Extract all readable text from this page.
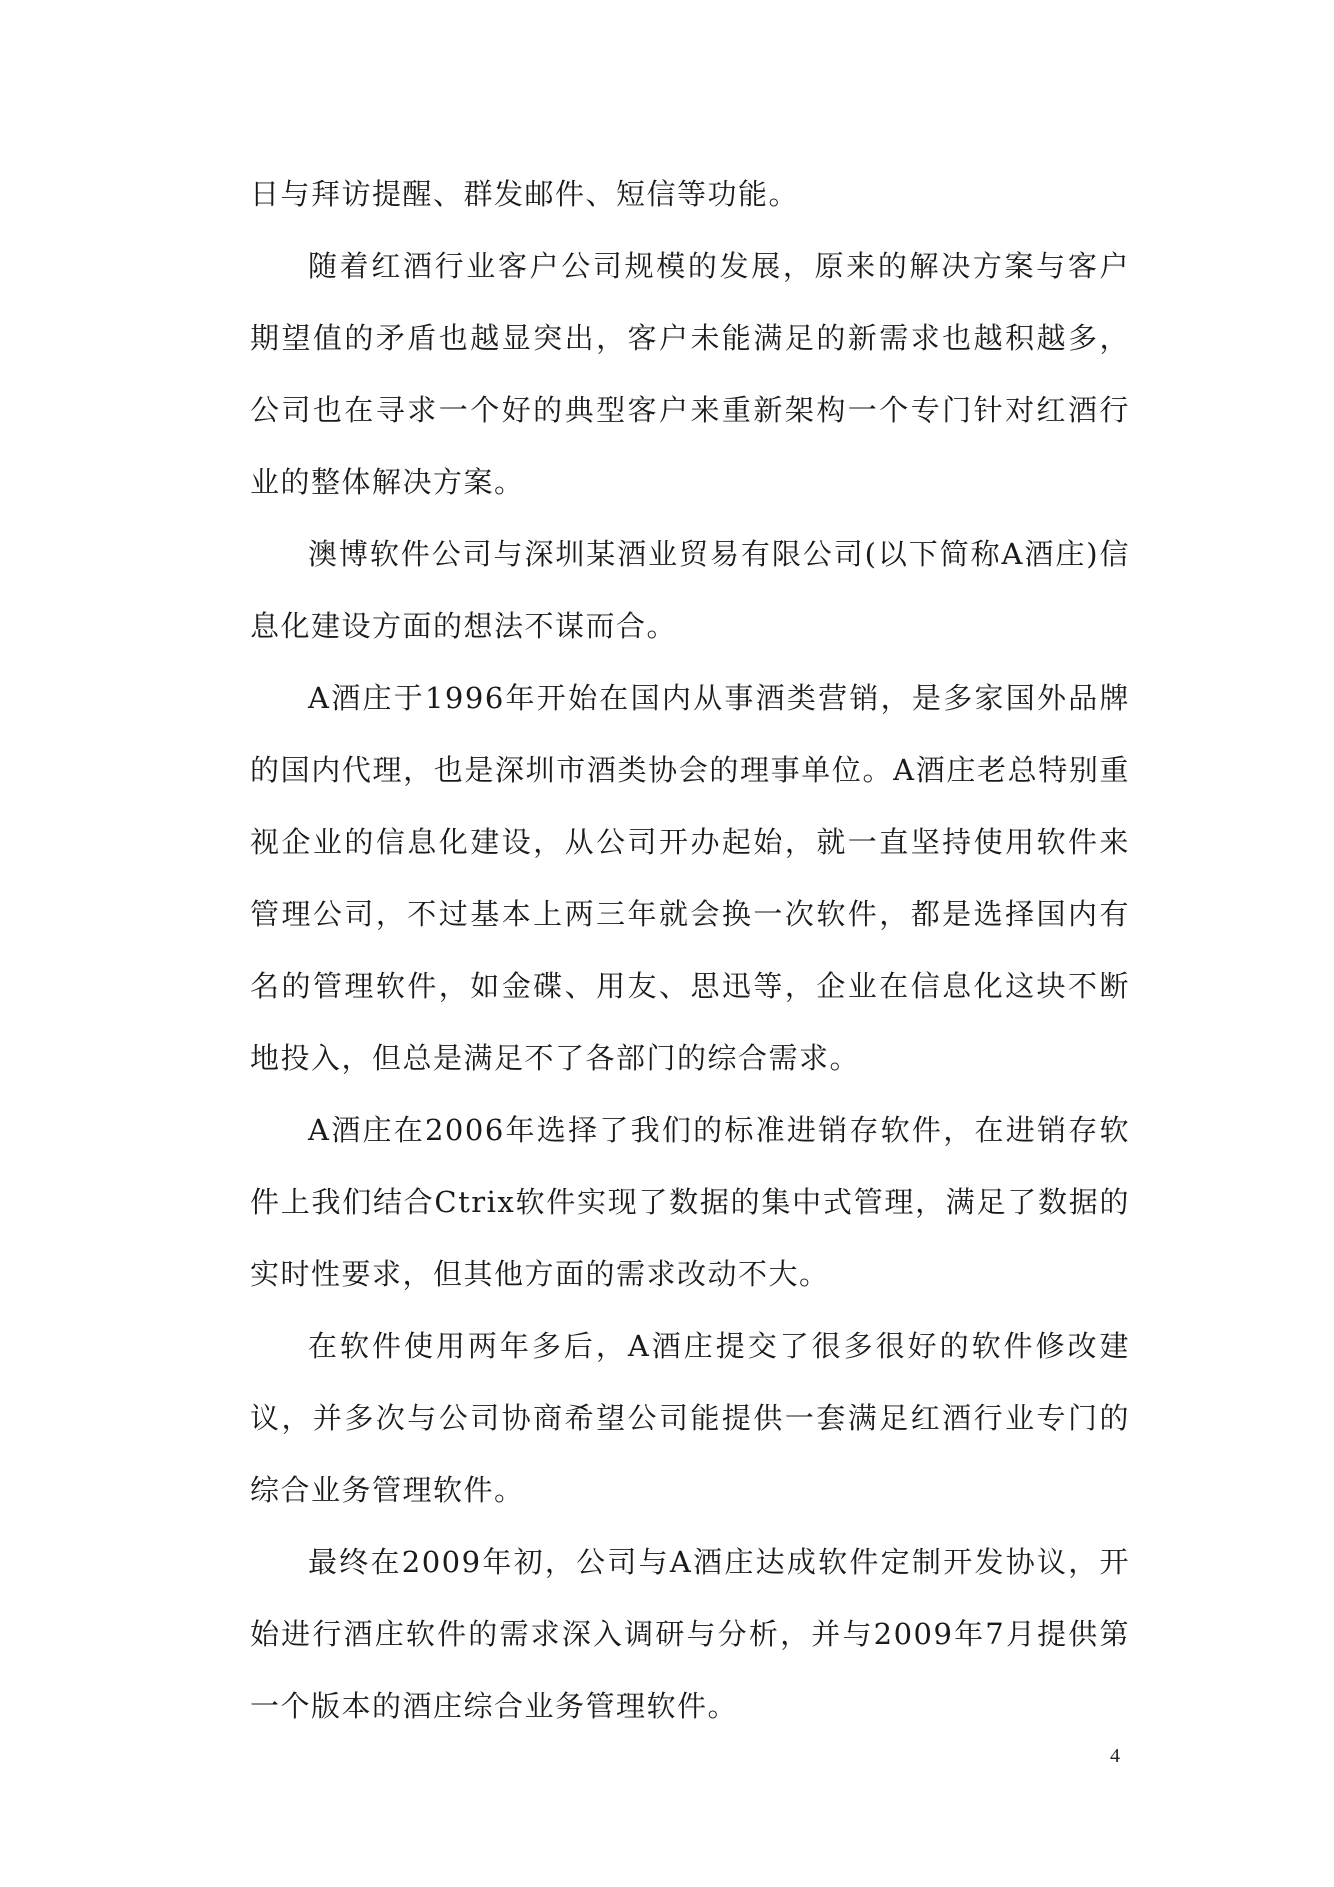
日与拜访提醒、群发邮件、短信等功能。

随着红酒行业客户公司规模的发展，原来的解决方案与客户期望值的矛盾也越显突出，客户未能满足的新需求也越积越多，公司也在寻求一个好的典型客户来重新架构一个专门针对红酒行业的整体解决方案。

澳博软件公司与深圳某酒业贸易有限公司(以下简称A酒庄)信息化建设方面的想法不谋而合。

A酒庄于1996年开始在国内从事酒类营销，是多家国外品牌的国内代理，也是深圳市酒类协会的理事单位。A酒庄老总特别重视企业的信息化建设，从公司开办起始，就一直坚持使用软件来管理公司，不过基本上两三年就会换一次软件，都是选择国内有名的管理软件，如金碟、用友、思迅等，企业在信息化这块不断地投入，但总是满足不了各部门的综合需求。

A酒庄在2006年选择了我们的标准进销存软件，在进销存软件上我们结合Ctrix软件实现了数据的集中式管理，满足了数据的实时性要求，但其他方面的需求改动不大。

在软件使用两年多后，A酒庄提交了很多很好的软件修改建议，并多次与公司协商希望公司能提供一套满足红酒行业专门的综合业务管理软件。

最终在2009年初，公司与A酒庄达成软件定制开发协议，开始进行酒庄软件的需求深入调研与分析，并与2009年7月提供第一个版本的酒庄综合业务管理软件。

4
